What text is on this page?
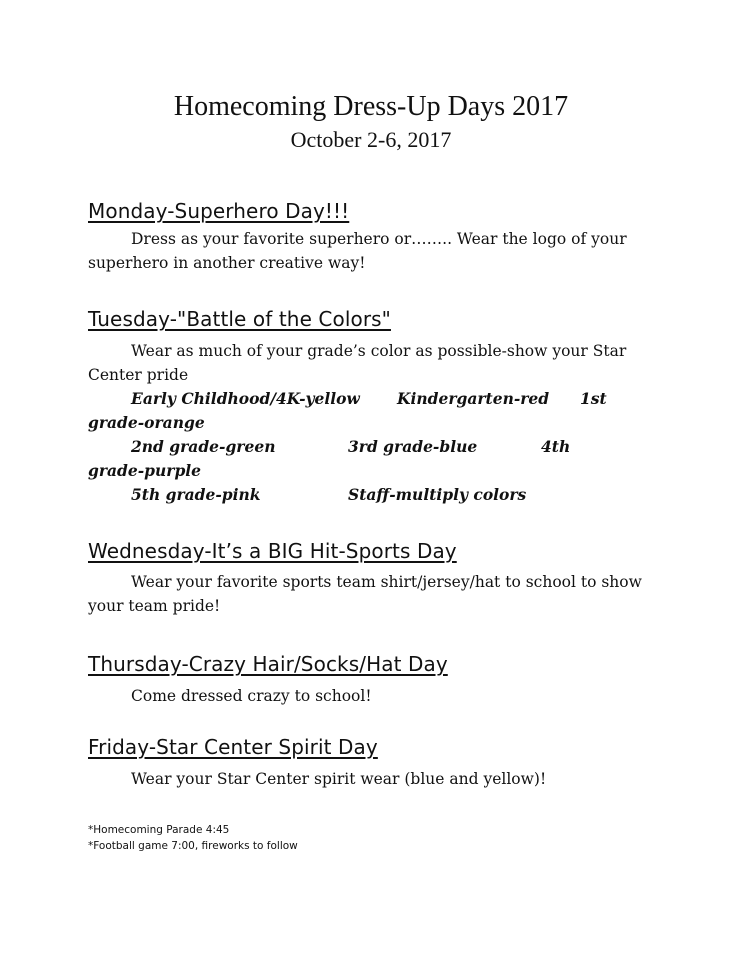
Homecoming Dress-Up Days 2017
October 2-6, 2017
Monday-Superhero Day!!!
Dress as your favorite superhero or…….. Wear the logo of your superhero in another creative way!
Tuesday-"Battle of the Colors"
Wear as much of your grade’s color as possible-show your Star Center pride
Early Childhood/4K-yellow Kindergarten-red 1st
grade-orange
2nd grade-green	3rd grade-blue	4th
grade-purple
5th grade-pink	Staff-multiply colors
Wednesday-It’s a BIG Hit-Sports Day
Wear your favorite sports team shirt/jersey/hat to school to show your team pride!
Thursday-Crazy Hair/Socks/Hat Day
Come dressed crazy to school!
Friday-Star Center Spirit Day
Wear your Star Center spirit wear (blue and yellow)!
*Homecoming Parade 4:45
*Football game 7:00, fireworks to follow
